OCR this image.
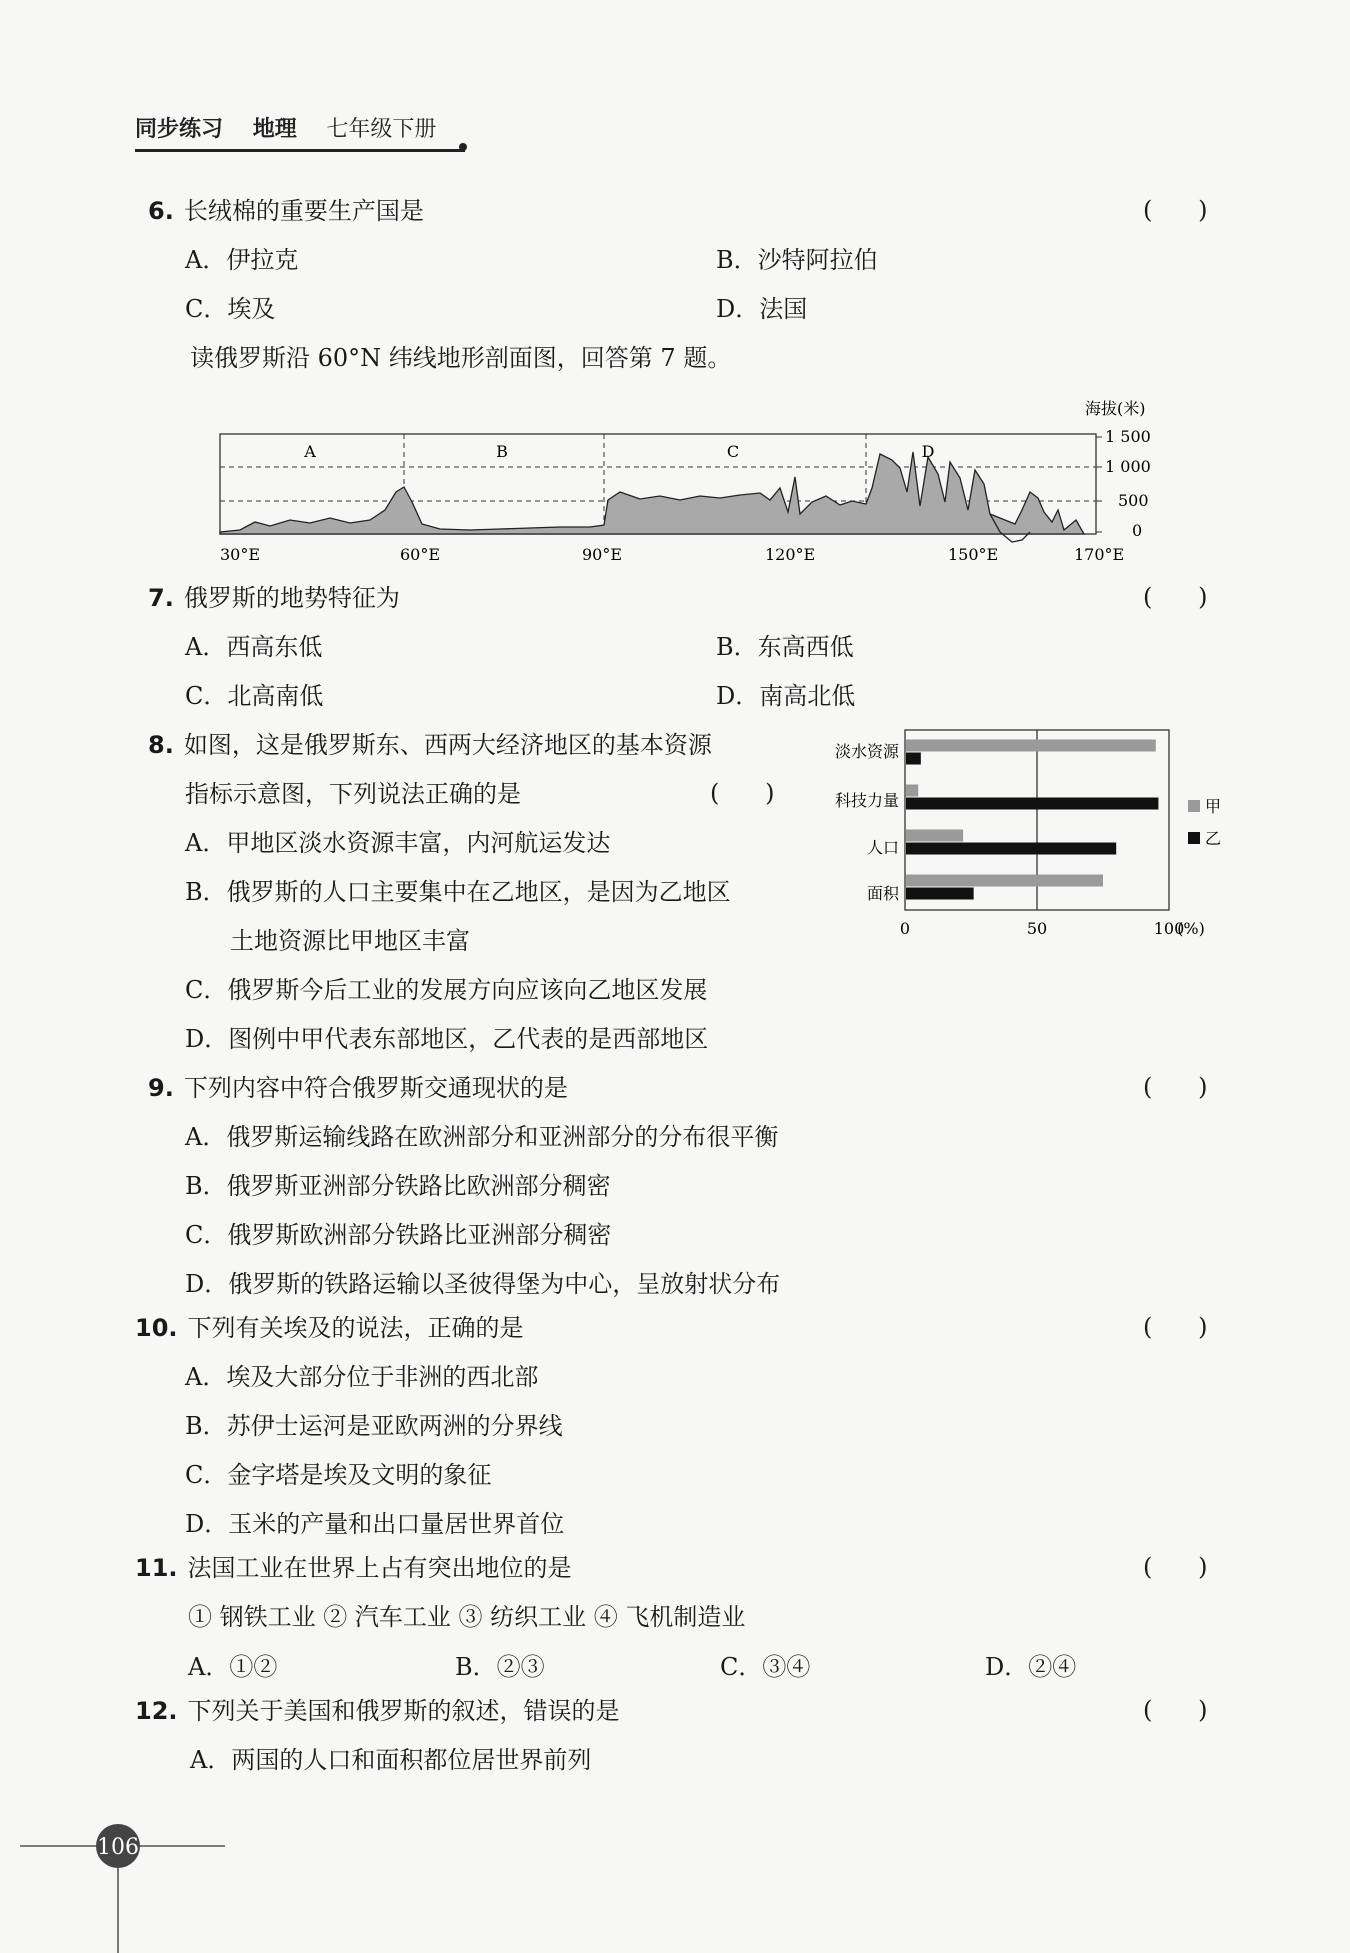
同步练习 地理 七年级下册
6. 长绒棉的重要生产国是	(      )
A．伊拉克	B．沙特阿拉伯
C．埃及	D．法国
读俄罗斯沿 60°N 纬线地形剖面图，回答第 7 题。
海拔(米)
A	B	C	D
1 500
1 000
500
0
30°E	60°E	90°E	120°E	150°E	170°E
7. 俄罗斯的地势特征为	(      )
A．西高东低	B．东高西低
C．北高南低	D．南高北低
8. 如图，这是俄罗斯东、西两大经济地区的基本资源
指标示意图，下列说法正确的是	(      )
A．甲地区淡水资源丰富，内河航运发达
B．俄罗斯的人口主要集中在乙地区，是因为乙地区
土地资源比甲地区丰富
C．俄罗斯今后工业的发展方向应该向乙地区发展
D．图例中甲代表东部地区，乙代表的是西部地区
淡水资源
科技力量
人口
面积
0	50	100
(%)
甲
乙
9. 下列内容中符合俄罗斯交通现状的是	(      )
A．俄罗斯运输线路在欧洲部分和亚洲部分的分布很平衡
B．俄罗斯亚洲部分铁路比欧洲部分稠密
C．俄罗斯欧洲部分铁路比亚洲部分稠密
D．俄罗斯的铁路运输以圣彼得堡为中心，呈放射状分布
10. 下列有关埃及的说法，正确的是	(      )
A．埃及大部分位于非洲的西北部
B．苏伊士运河是亚欧两洲的分界线
C．金字塔是埃及文明的象征
D．玉米的产量和出口量居世界首位
11. 法国工业在世界上占有突出地位的是	(      )
① 钢铁工业 ② 汽车工业 ③ 纺织工业 ④ 飞机制造业
A．①②	B．②③	C．③④	D．②④
12. 下列关于美国和俄罗斯的叙述，错误的是	(      )
A．两国的人口和面积都位居世界前列
106
